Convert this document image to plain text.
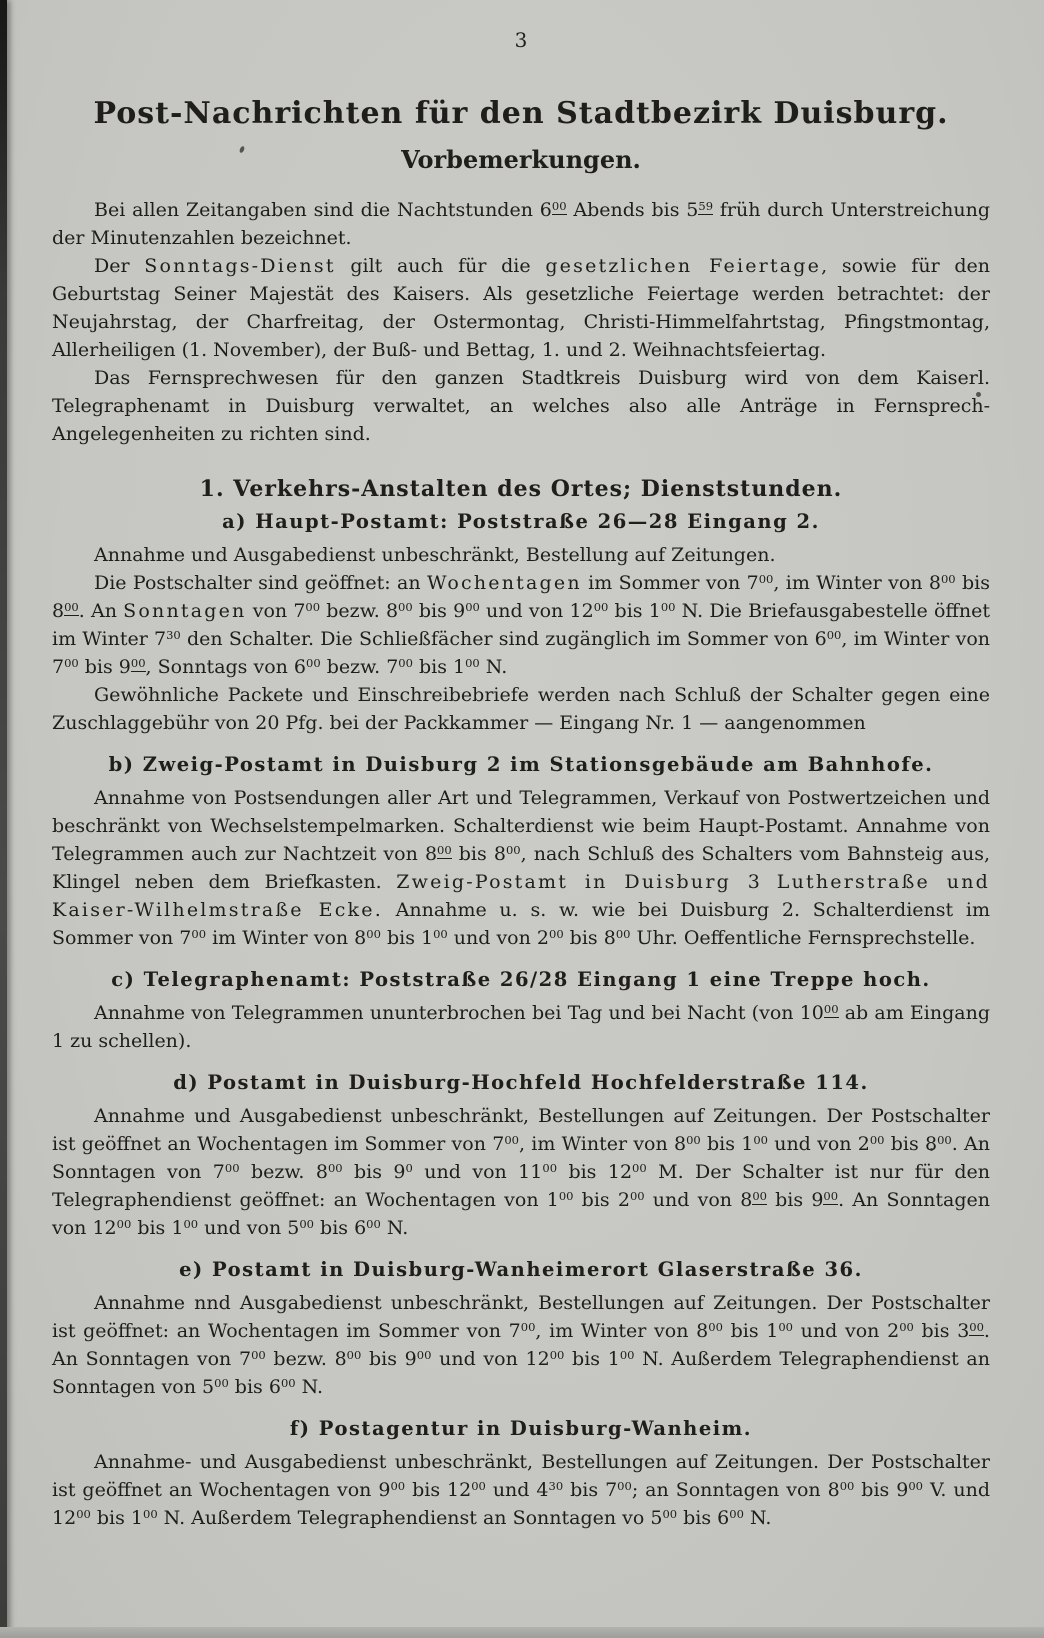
3
Post-Nachrichten für den Stadtbezirk Duisburg.
Vorbemerkungen.

Bei allen Zeitangaben sind die Nachtstunden $6^{00}$ Abends bis $5^{59}$ früh durch Unterstreichung der Minutenzahlen bezeichnet.

Der Sonntags-Dienst gilt auch für die gesetzlichen Feiertage, sowie für den Geburtstag Seiner Majestät des Kaisers. Als gesetzliche Feiertage werden betrachtet: der Neujahrstag, der Charfreitag, der Ostermontag, Christi-Himmelfahrtstag, Pfingstmontag, Allerheiligen (1. November), der Buß- und Bettag, 1. und 2. Weihnachtsfeiertag.

Das Fernsprechwesen für den ganzen Stadtkreis Duisburg wird von dem Kaiserl. Telegraphenamt in Duisburg verwaltet, an welches also alle Anträge in Fernsprech-Angelegenheiten zu richten sind.

1. Verkehrs-Anstalten des Ortes; Dienststunden.
a) Haupt-Postamt: Poststraße 26—28 Eingang 2.

Annahme und Ausgabedienst unbeschränkt, Bestellung auf Zeitungen.

Die Postschalter sind geöffnet: an Wochentagen im Sommer von $7^{00}$, im Winter von $8^{00}$ bis $8^{00}$. An Sonntagen von $7^{00}$ bezw. $8^{00}$ bis $9^{00}$ und von $12^{00}$ bis $1^{00}$ N. Die Briefausgabestelle öffnet im Winter $7^{30}$ den Schalter. Die Schließfächer sind zugänglich im Sommer von $6^{00}$, im Winter von $7^{00}$ bis $9^{00}$, Sonntags von $6^{00}$ bezw. $7^{00}$ bis $1^{00}$ N.

Gewöhnliche Packete und Einschreibebriefe werden nach Schluß der Schalter gegen eine Zuschlaggebühr von 20 Pfg. bei der Packkammer — Eingang Nr. 1 — aangenommen

b) Zweig-Postamt in Duisburg 2 im Stationsgebäude am Bahnhofe.

Annahme von Postsendungen aller Art und Telegrammen, Verkauf von Postwertzeichen und beschränkt von Wechselstempelmarken. Schalterdienst wie beim Haupt-Postamt. Annahme von Telegrammen auch zur Nachtzeit von $8^{00}$ bis $8^{00}$, nach Schluß des Schalters vom Bahnsteig aus, Klingel neben dem Briefkasten. Zweig-Postamt in Duisburg 3 Lutherstraße und Kaiser-Wilhelmstraße Ecke. Annahme u. s. w. wie bei Duisburg 2. Schalterdienst im Sommer von $7^{00}$ im Winter von $8^{00}$ bis $1^{00}$ und von $2^{00}$ bis $8^{00}$ Uhr. Oeffentliche Fernsprechstelle.

c) Telegraphenamt: Poststraße 26/28 Eingang 1 eine Treppe hoch.

Annahme von Telegrammen ununterbrochen bei Tag und bei Nacht (von $10^{00}$ ab am Eingang 1 zu schellen).

d) Postamt in Duisburg-Hochfeld Hochfelderstraße 114.

Annahme und Ausgabedienst unbeschränkt, Bestellungen auf Zeitungen. Der Postschalter ist geöffnet an Wochentagen im Sommer von $7^{00}$, im Winter von $8^{00}$ bis $1^{00}$ und von $2^{00}$ bis $8^{00}$. An Sonntagen von $7^{00}$ bezw. $8^{00}$ bis $9^0$ und von $11^{00}$ bis $12^{00}$ M. Der Schalter ist nur für den Telegraphendienst geöffnet: an Wochentagen von $1^{00}$ bis $2^{00}$ und von $8^{00}$ bis $9^{00}$. An Sonntagen von $12^{00}$ bis $1^{00}$ und von $5^{00}$ bis $6^{00}$ N.

e) Postamt in Duisburg-Wanheimerort Glaserstraße 36.

Annahme nnd Ausgabedienst unbeschränkt, Bestellungen auf Zeitungen. Der Postschalter ist geöffnet: an Wochentagen im Sommer von $7^{00}$, im Winter von $8^{00}$ bis $1^{00}$ und von $2^{00}$ bis $3^{00}$. An Sonntagen von $7^{00}$ bezw. $8^{00}$ bis $9^{00}$ und von $12^{00}$ bis $1^{00}$ N. Außerdem Telegraphendienst an Sonntagen von $5^{00}$ bis $6^{00}$ N.

f) Postagentur in Duisburg-Wanheim.

Annahme- und Ausgabedienst unbeschränkt, Bestellungen auf Zeitungen. Der Postschalter ist geöffnet an Wochentagen von $9^{00}$ bis $12^{00}$ und $4^{30}$ bis $7^{00}$; an Sonntagen von $8^{00}$ bis $9^{00}$ V. und $12^{00}$ bis $1^{00}$ N. Außerdem Telegraphendienst an Sonntagen vo $5^{00}$ bis $6^{00}$ N.
